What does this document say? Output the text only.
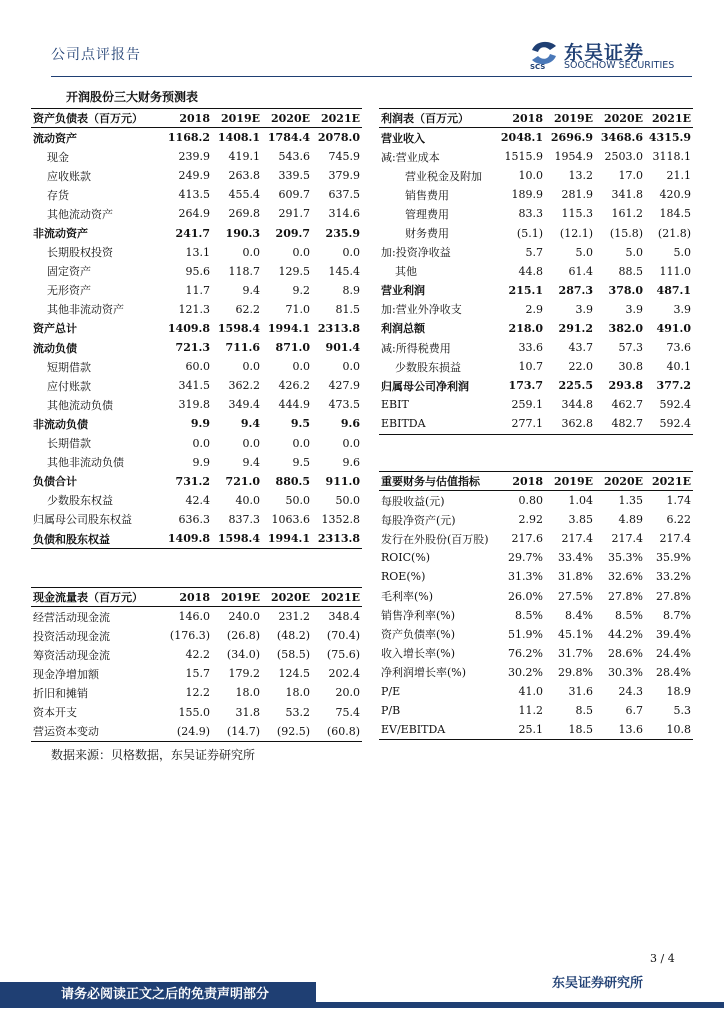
公司点评报告
SCS
东吴证券
SOOCHOW SECURITIES
开润股份三大财务预测表
资产负债表（百万元）	2018	2019E	2020E	2021E
流动资产	1168.2	1408.1	1784.4	2078.0
现金	239.9	419.1	543.6	745.9
应收账款	249.9	263.8	339.5	379.9
存货	413.5	455.4	609.7	637.5
其他流动资产	264.9	269.8	291.7	314.6
非流动资产	241.7	190.3	209.7	235.9
长期股权投资	13.1	0.0	0.0	0.0
固定资产	95.6	118.7	129.5	145.4
无形资产	11.7	9.4	9.2	8.9
其他非流动资产	121.3	62.2	71.0	81.5
资产总计	1409.8	1598.4	1994.1	2313.8
流动负债	721.3	711.6	871.0	901.4
短期借款	60.0	0.0	0.0	0.0
应付账款	341.5	362.2	426.2	427.9
其他流动负债	319.8	349.4	444.9	473.5
非流动负债	9.9	9.4	9.5	9.6
长期借款	0.0	0.0	0.0	0.0
其他非流动负债	9.9	9.4	9.5	9.6
负债合计	731.2	721.0	880.5	911.0
少数股东权益	42.4	40.0	50.0	50.0
归属母公司股东权益	636.3	837.3	1063.6	1352.8
负债和股东权益	1409.8	1598.4	1994.1	2313.8
利润表（百万元）	2018	2019E	2020E	2021E
营业收入	2048.1	2696.9	3468.6	4315.9
减:营业成本	1515.9	1954.9	2503.0	3118.1
营业税金及附加	10.0	13.2	17.0	21.1
销售费用	189.9	281.9	341.8	420.9
管理费用	83.3	115.3	161.2	184.5
财务费用	(5.1)	(12.1)	(15.8)	(21.8)
加:投资净收益	5.7	5.0	5.0	5.0
其他	44.8	61.4	88.5	111.0
营业利润	215.1	287.3	378.0	487.1
加:营业外净收支	2.9	3.9	3.9	3.9
利润总额	218.0	291.2	382.0	491.0
减:所得税费用	33.6	43.7	57.3	73.6
少数股东损益	10.7	22.0	30.8	40.1
归属母公司净利润	173.7	225.5	293.8	377.2
EBIT	259.1	344.8	462.7	592.4
EBITDA	277.1	362.8	482.7	592.4
重要财务与估值指标	2018	2019E	2020E	2021E
每股收益(元)	0.80	1.04	1.35	1.74
每股净资产(元)	2.92	3.85	4.89	6.22
发行在外股份(百万股)	217.6	217.4	217.4	217.4
ROIC(%)	29.7%	33.4%	35.3%	35.9%
ROE(%)	31.3%	31.8%	32.6%	33.2%
毛利率(%)	26.0%	27.5%	27.8%	27.8%
销售净利率(%)	8.5%	8.4%	8.5%	8.7%
资产负债率(%)	51.9%	45.1%	44.2%	39.4%
收入增长率(%)	76.2%	31.7%	28.6%	24.4%
净利润增长率(%)	30.2%	29.8%	30.3%	28.4%
P/E	41.0	31.6	24.3	18.9
P/B	11.2	8.5	6.7	5.3
EV/EBITDA	25.1	18.5	13.6	10.8
现金流量表（百万元）	2018	2019E	2020E	2021E
经营活动现金流	146.0	240.0	231.2	348.4
投资活动现金流	(176.3)	(26.8)	(48.2)	(70.4)
筹资活动现金流	42.2	(34.0)	(58.5)	(75.6)
现金净增加额	15.7	179.2	124.5	202.4
折旧和摊销	12.2	18.0	18.0	20.0
资本开支	155.0	31.8	53.2	75.4
营运资本变动	(24.9)	(14.7)	(92.5)	(60.8)
数据来源：贝格数据，东吴证券研究所
3 / 4
请务必阅读正文之后的免责声明部分
东吴证券研究所
